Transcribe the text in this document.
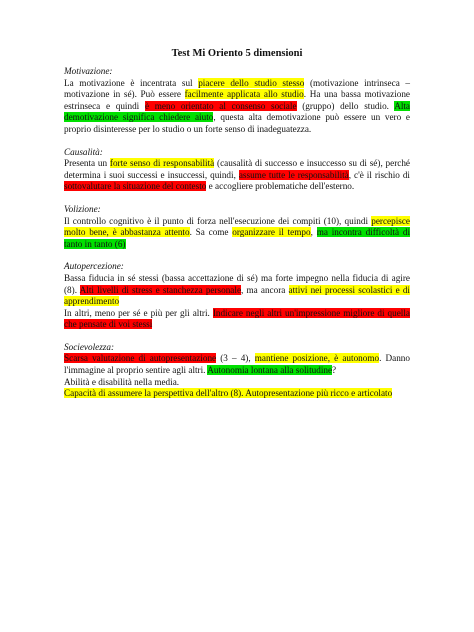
Test Mi Oriento 5 dimensioni

Motivazione:

La motivazione è incentrata sul piacere dello studio stesso (motivazione intrinseca – motivazione in sé). Può essere facilmente applicata allo studio. Ha una bassa motivazione estrinseca e quindi è meno orientato al consenso sociale (gruppo) dello studio. Alta demotivazione significa chiedere aiuto, questa alta demotivazione può essere un vero e proprio disinteresse per lo studio o un forte senso di inadeguatezza.

Causalità:

Presenta un forte senso di responsabilità (causalità di successo e insuccesso su di sé), perché determina i suoi successi e insuccessi, quindi, assume tutte le responsabilità, c'è il rischio di sottovalutare la situazione del contesto e accogliere problematiche dell'esterno.

Volizione:

Il controllo cognitivo è il punto di forza nell'esecuzione dei compiti (10), quindi percepisce molto bene, è abbastanza attento. Sa come organizzare il tempo, ma incontra difficoltà di tanto in tanto (6)

Autopercezione:

Bassa fiducia in sé stessi (bassa accettazione di sé) ma forte impegno nella fiducia di agire (8). Alti livelli di stress e stanchezza personale, ma ancora attivi nei processi scolastici e di apprendimento

In altri, meno per sé e più per gli altri. Indicare negli altri un'impressione migliore di quella che pensate di voi stessi

Socievolezza:

Scarsa valutazione di autopresentazione (3 – 4), mantiene posizione, è autonomo. Danno l'immagine al proprio sentire agli altri. Autonomia lontana alla solitudine?

Abilità e disabilità nella media.

Capacità di assumere la perspettiva dell'altro (8). Autopresentazione più ricco e articolato
